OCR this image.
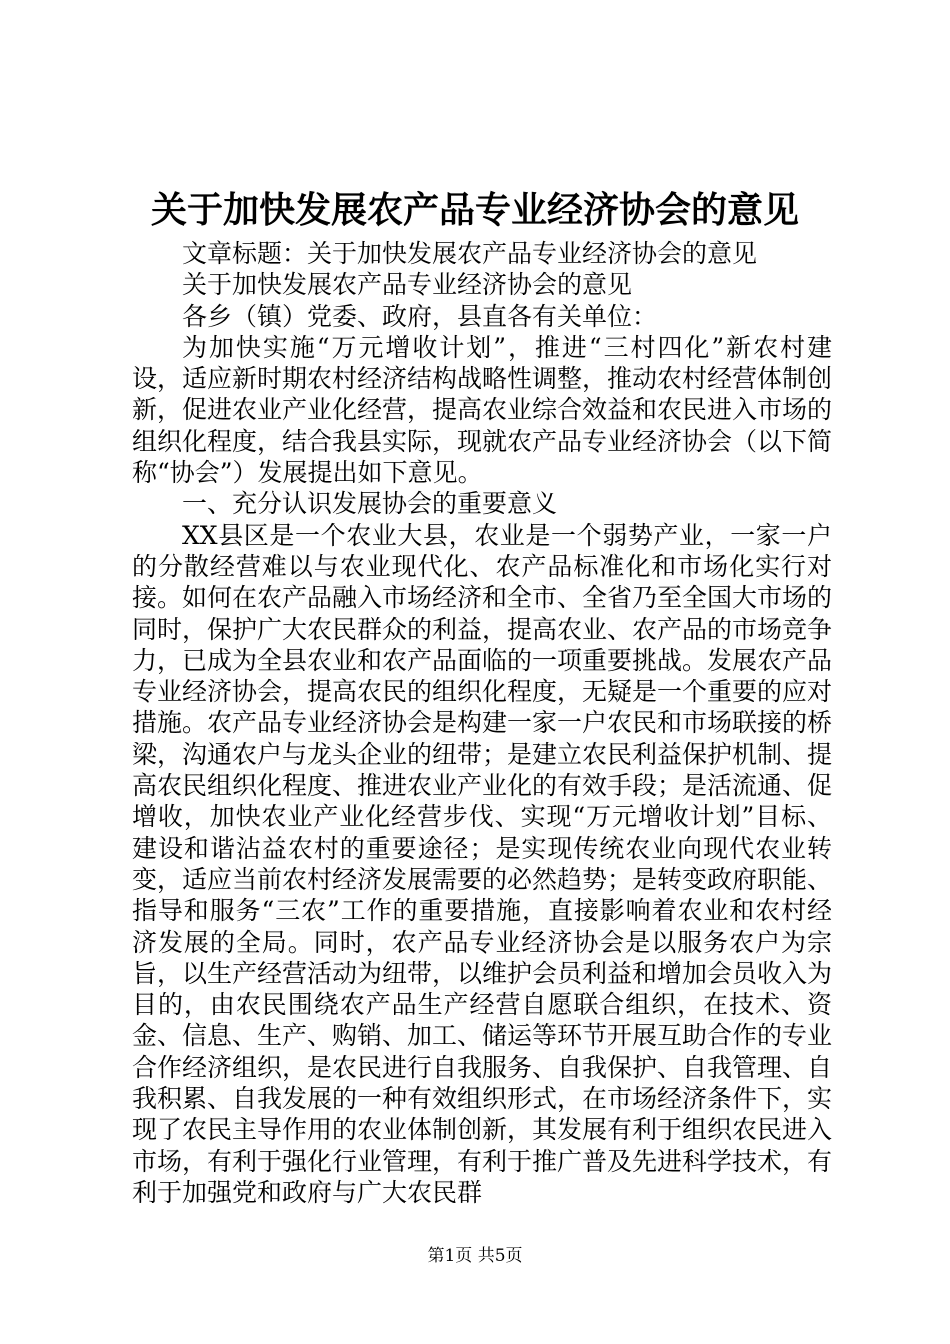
关于加快发展农产品专业经济协会的意见

文章标题：关于加快发展农产品专业经济协会的意见

关于加快发展农产品专业经济协会的意见

各乡（镇）党委、政府，县直各有关单位：

为加快实施“万元增收计划”，推进“三村四化”新农村建设，适应新时期农村经济结构战略性调整，推动农村经营体制创新，促进农业产业化经营，提高农业综合效益和农民进入市场的组织化程度，结合我县实际，现就农产品专业经济协会（以下简称“协会”）发展提出如下意见。

一、充分认识发展协会的重要意义

XX县区是一个农业大县，农业是一个弱势产业，一家一户的分散经营难以与农业现代化、农产品标准化和市场化实行对接。如何在农产品融入市场经济和全市、全省乃至全国大市场的同时，保护广大农民群众的利益，提高农业、农产品的市场竞争力，已成为全县农业和农产品面临的一项重要挑战。发展农产品专业经济协会，提高农民的组织化程度，无疑是一个重要的应对措施。农产品专业经济协会是构建一家一户农民和市场联接的桥梁，沟通农户与龙头企业的纽带；是建立农民利益保护机制、提高农民组织化程度、推进农业产业化的有效手段；是活流通、促增收，加快农业产业化经营步伐、实现“万元增收计划”目标、建设和谐沾益农村的重要途径；是实现传统农业向现代农业转变，适应当前农村经济发展需要的必然趋势；是转变政府职能、指导和服务“三农”工作的重要措施，直接影响着农业和农村经济发展的全局。同时，农产品专业经济协会是以服务农户为宗旨，以生产经营活动为纽带，以维护会员利益和增加会员收入为目的，由农民围绕农产品生产经营自愿联合组织，在技术、资金、信息、生产、购销、加工、储运等环节开展互助合作的专业合作经济组织，是农民进行自我服务、自我保护、自我管理、自我积累、自我发展的一种有效组织形式，在市场经济条件下，实现了农民主导作用的农业体制创新，其发展有利于组织农民进入市场，有利于强化行业管理，有利于推广普及先进科学技术，有利于加强党和政府与广大农民群

第1页 共5页
